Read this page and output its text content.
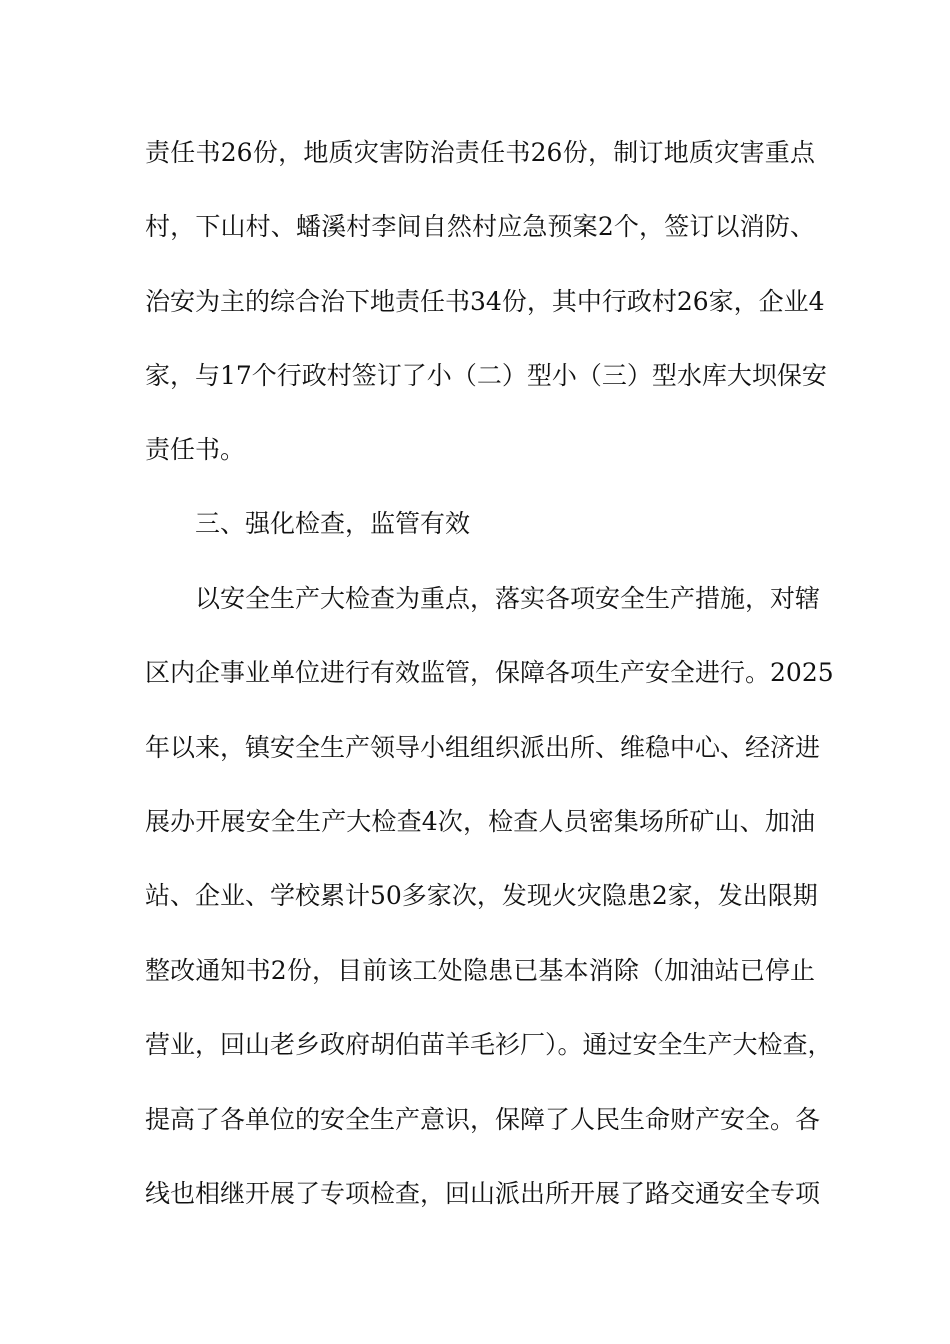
责任书26份，地质灾害防治责任书26份，制订地质灾害重点
村，下山村、蟠溪村李间自然村应急预案2个，签订以消防、
治安为主的综合治下地责任书34份，其中行政村26家，企业4
家，与17个行政村签订了小（二）型小（三）型水库大坝保安
责任书。
三、强化检查，监管有效
以安全生产大检查为重点，落实各项安全生产措施，对辖
区内企事业单位进行有效监管，保障各项生产安全进行。2025
年以来，镇安全生产领导小组组织派出所、维稳中心、经济进
展办开展安全生产大检查4次，检查人员密集场所矿山、加油
站、企业、学校累计50多家次，发现火灾隐患2家，发出限期
整改通知书2份，目前该工处隐患已基本消除（加油站已停止
营业，回山老乡政府胡伯苗羊毛衫厂）。通过安全生产大检查，
提高了各单位的安全生产意识，保障了人民生命财产安全。各
线也相继开展了专项检查，回山派出所开展了路交通安全专项
